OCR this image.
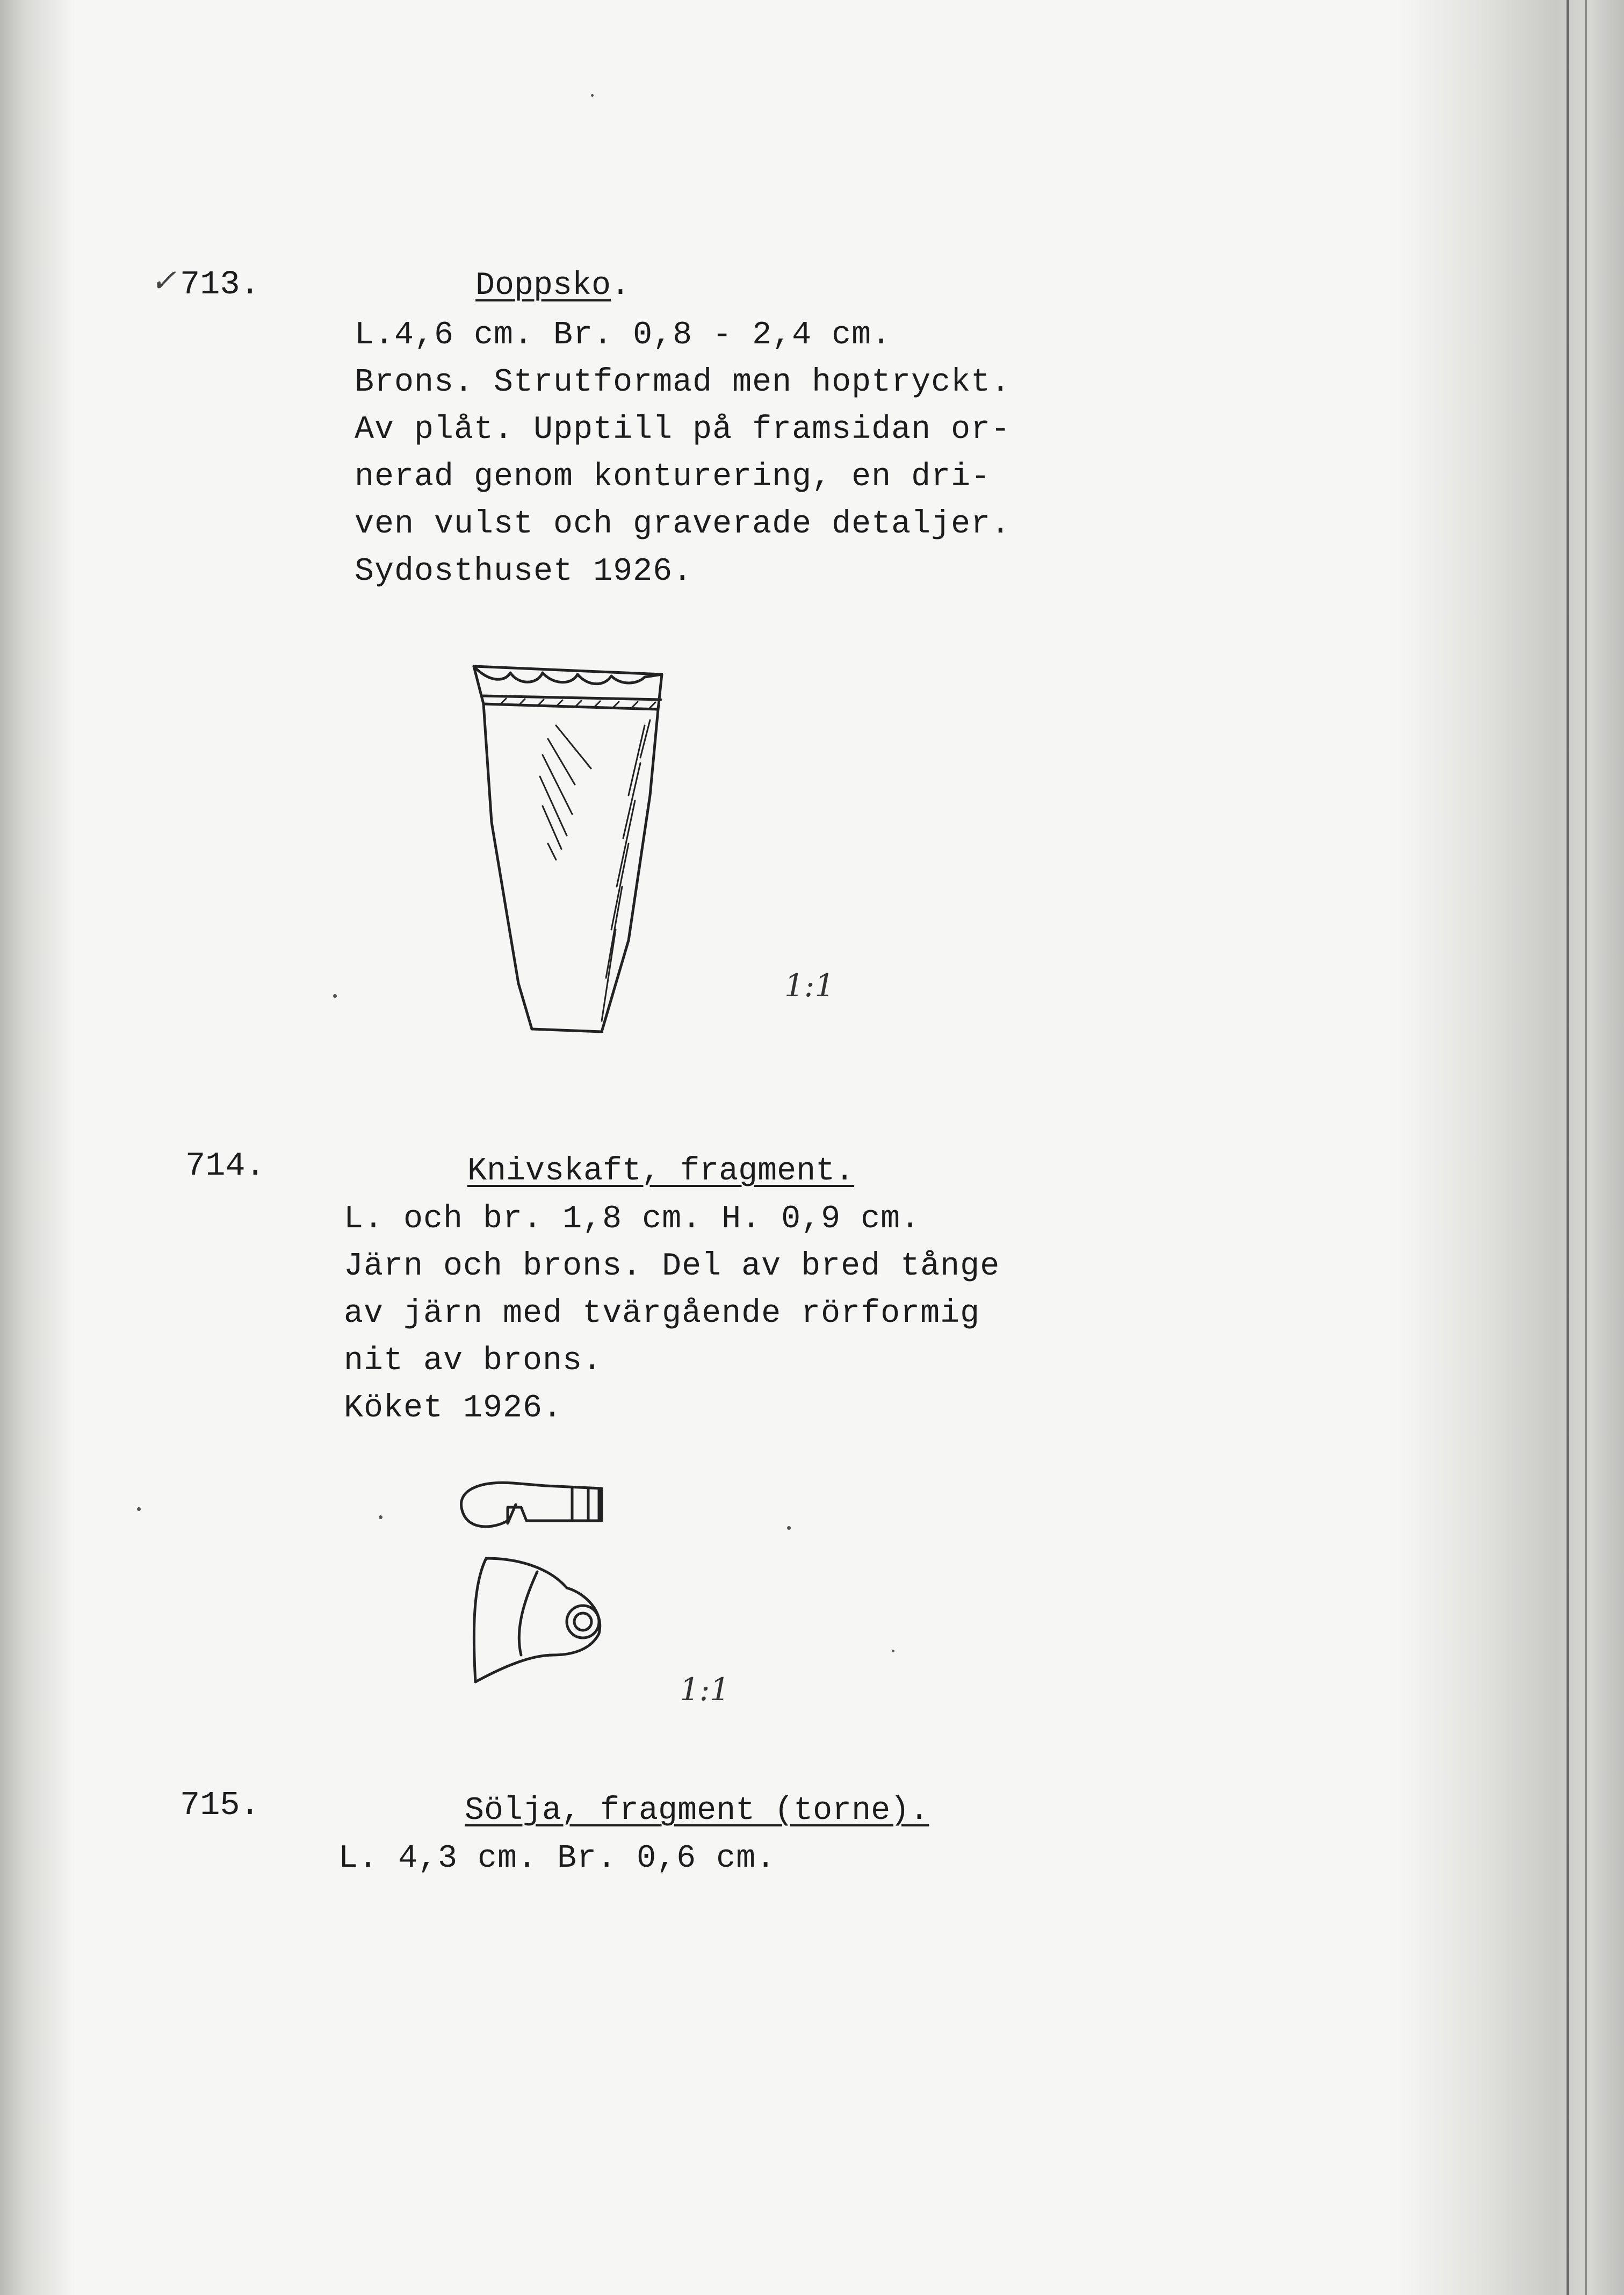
✓ 713.	Doppsko.
L.4,6 cm. Br. 0,8 - 2,4 cm.
Brons. Strutformad men hoptryckt.
Av plåt. Upptill på framsidan or-
nerad genom konturering, en dri-
ven vulst och graverade detaljer.
Sydosthuset 1926.
1:1
714.	Knivskaft, fragment.
L. och br. 1,8 cm. H. 0,9 cm.
Järn och brons. Del av bred tånge
av järn med tvärgående rörformig
nit av brons.
Köket 1926.
1:1
715.	Sölja, fragment (torne).
L. 4,3 cm. Br. 0,6 cm.
